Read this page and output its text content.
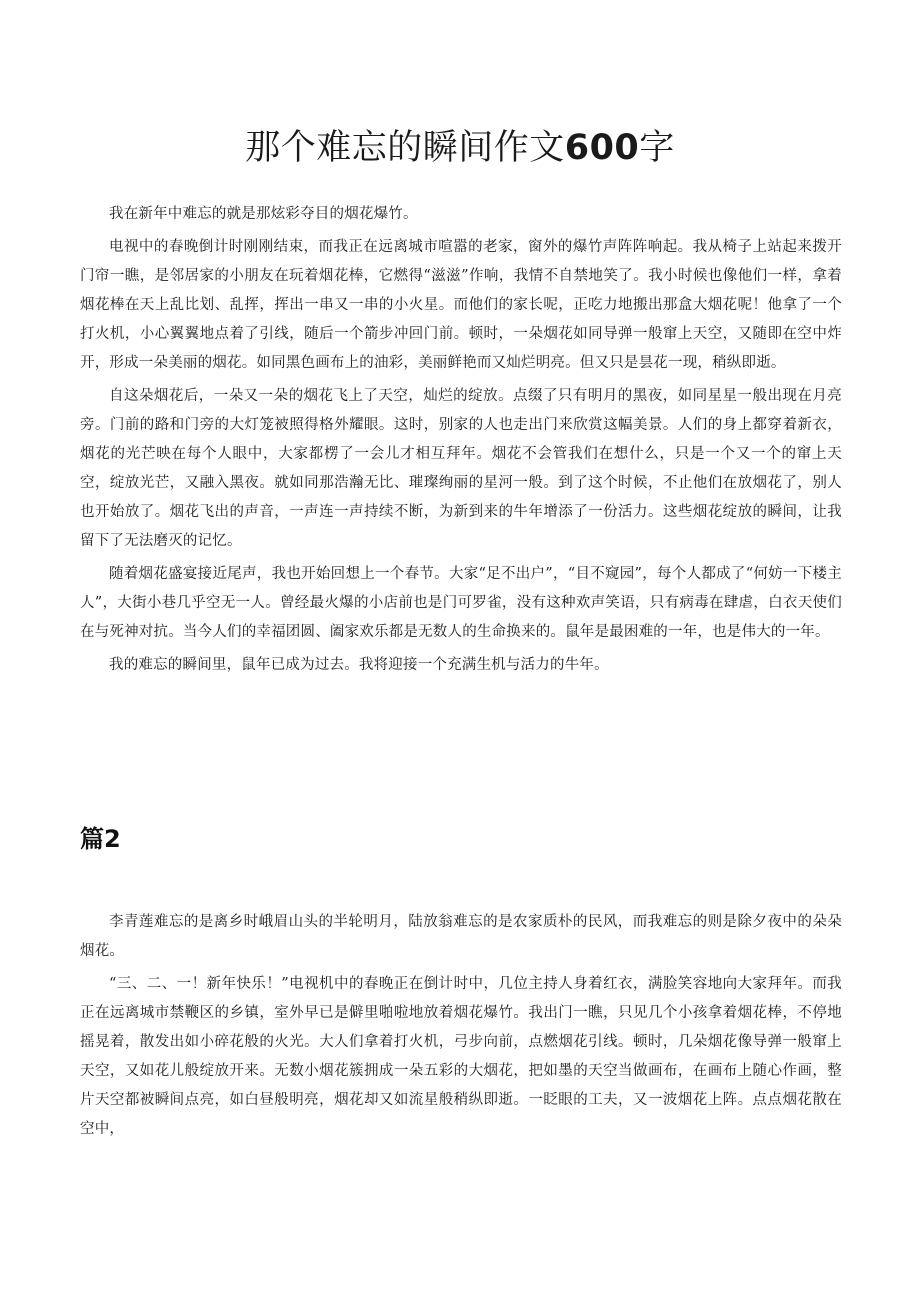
那个难忘的瞬间作文600字

我在新年中难忘的就是那炫彩夺目的烟花爆竹。

电视中的春晚倒计时刚刚结束，而我正在远离城市喧嚣的老家，窗外的爆竹声阵阵响起。我从椅子上站起来拨开门帘一瞧，是邻居家的小朋友在玩着烟花棒，它燃得“滋滋”作响，我情不自禁地笑了。我小时候也像他们一样，拿着烟花棒在天上乱比划、乱挥，挥出一串又一串的小火星。而他们的家长呢，正吃力地搬出那盒大烟花呢！他拿了一个打火机，小心翼翼地点着了引线，随后一个箭步冲回门前。顿时，一朵烟花如同导弹一般窜上天空，又随即在空中炸开，形成一朵美丽的烟花。如同黑色画布上的油彩，美丽鲜艳而又灿烂明亮。但又只是昙花一现，稍纵即逝。

自这朵烟花后，一朵又一朵的烟花飞上了天空，灿烂的绽放。点缀了只有明月的黑夜，如同星星一般出现在月亮旁。门前的路和门旁的大灯笼被照得格外耀眼。这时，别家的人也走出门来欣赏这幅美景。人们的身上都穿着新衣，烟花的光芒映在每个人眼中，大家都楞了一会儿才相互拜年。烟花不会管我们在想什么，只是一个又一个的窜上天空，绽放光芒，又融入黑夜。就如同那浩瀚无比、璀璨绚丽的星河一般。到了这个时候，不止他们在放烟花了，别人也开始放了。烟花飞出的声音，一声连一声持续不断，为新到来的牛年增添了一份活力。这些烟花绽放的瞬间，让我留下了无法磨灭的记忆。

随着烟花盛宴接近尾声，我也开始回想上一个春节。大家“足不出户”，“目不窥园”，每个人都成了“何妨一下楼主人”，大街小巷几乎空无一人。曾经最火爆的小店前也是门可罗雀，没有这种欢声笑语，只有病毒在肆虐，白衣天使们在与死神对抗。当今人们的幸福团圆、阖家欢乐都是无数人的生命换来的。鼠年是最困难的一年，也是伟大的一年。

我的难忘的瞬间里，鼠年已成为过去。我将迎接一个充满生机与活力的牛年。

篇2

李青莲难忘的是离乡时峨眉山头的半轮明月，陆放翁难忘的是农家质朴的民风，而我难忘的则是除夕夜中的朵朵烟花。

“三、二、一！新年快乐！”电视机中的春晚正在倒计时中，几位主持人身着红衣，满脸笑容地向大家拜年。而我正在远离城市禁鞭区的乡镇，室外早已是僻里啪啦地放着烟花爆竹。我出门一瞧，只见几个小孩拿着烟花棒，不停地摇晃着，散发出如小碎花般的火光。大人们拿着打火机，弓步向前，点燃烟花引线。顿时，几朵烟花像导弹一般窜上天空，又如花儿般绽放开来。无数小烟花簇拥成一朵五彩的大烟花，把如墨的天空当做画布，在画布上随心作画，整片天空都被瞬间点亮，如白昼般明亮，烟花却又如流星般稍纵即逝。一眨眼的工夫，又一波烟花上阵。点点烟花散在空中，
